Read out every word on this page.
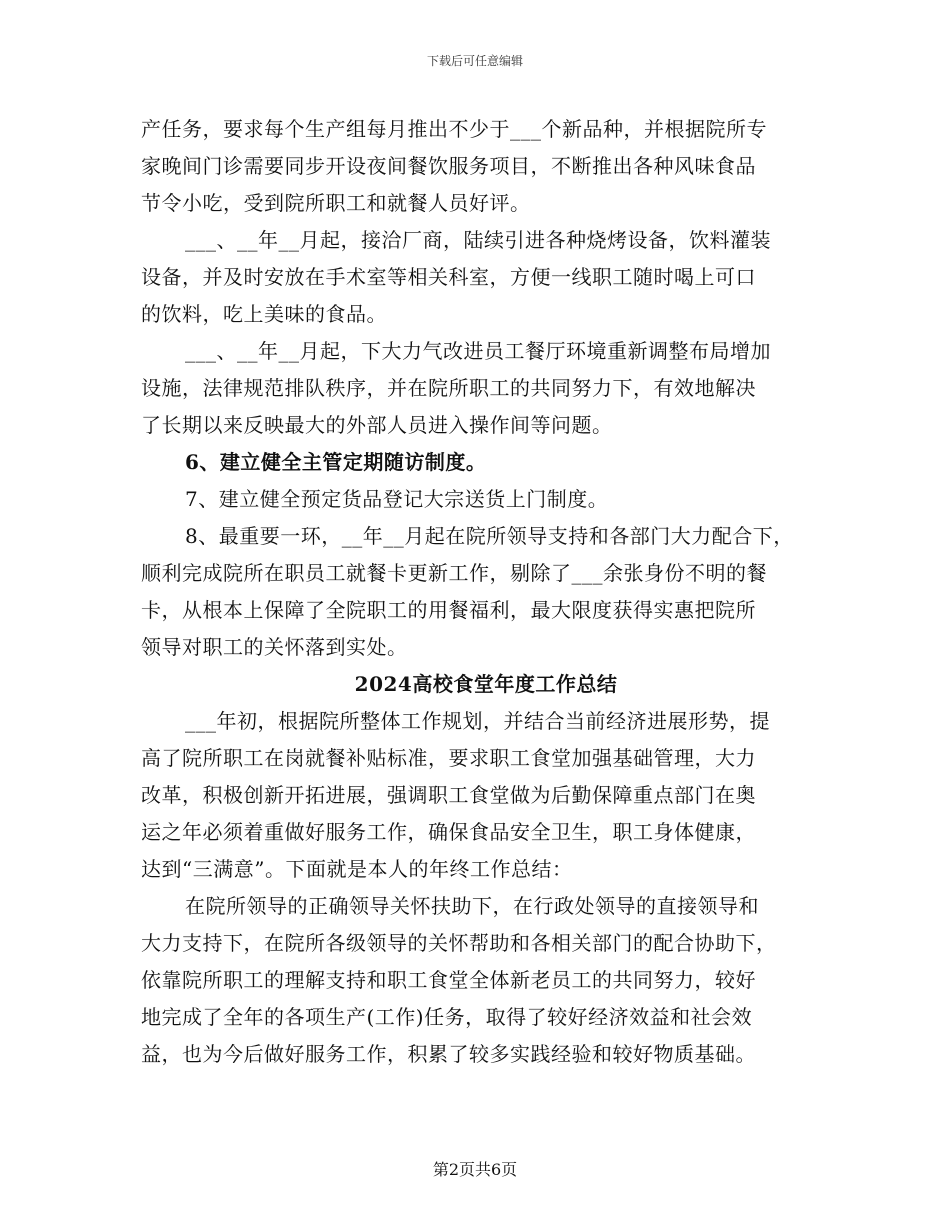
下载后可任意编辑
产任务，要求每个生产组每月推出不少于___个新品种，并根据院所专
家晚间门诊需要同步开设夜间餐饮服务项目，不断推出各种风味食品
节令小吃，受到院所职工和就餐人员好评。
___、__年__月起，接洽厂商，陆续引进各种烧烤设备，饮料灌装
设备，并及时安放在手术室等相关科室，方便一线职工随时喝上可口
的饮料，吃上美味的食品。
___、__年__月起，下大力气改进员工餐厅环境重新调整布局增加
设施，法律规范排队秩序，并在院所职工的共同努力下，有效地解决
了长期以来反映最大的外部人员进入操作间等问题。
6、建立健全主管定期随访制度。
7、建立健全预定货品登记大宗送货上门制度。
8、最重要一环，__年__月起在院所领导支持和各部门大力配合下，
顺利完成院所在职员工就餐卡更新工作，剔除了___余张身份不明的餐
卡，从根本上保障了全院职工的用餐福利，最大限度获得实惠把院所
领导对职工的关怀落到实处。
2024高校食堂年度工作总结
___年初，根据院所整体工作规划，并结合当前经济进展形势，提
高了院所职工在岗就餐补贴标准，要求职工食堂加强基础管理，大力
改革，积极创新开拓进展，强调职工食堂做为后勤保障重点部门在奥
运之年必须着重做好服务工作，确保食品安全卫生，职工身体健康，
达到“三满意”。下面就是本人的年终工作总结：
在院所领导的正确领导关怀扶助下，在行政处领导的直接领导和
大力支持下，在院所各级领导的关怀帮助和各相关部门的配合协助下，
依靠院所职工的理解支持和职工食堂全体新老员工的共同努力，较好
地完成了全年的各项生产(工作)任务，取得了较好经济效益和社会效
益，也为今后做好服务工作，积累了较多实践经验和较好物质基础。
第2页共6页
